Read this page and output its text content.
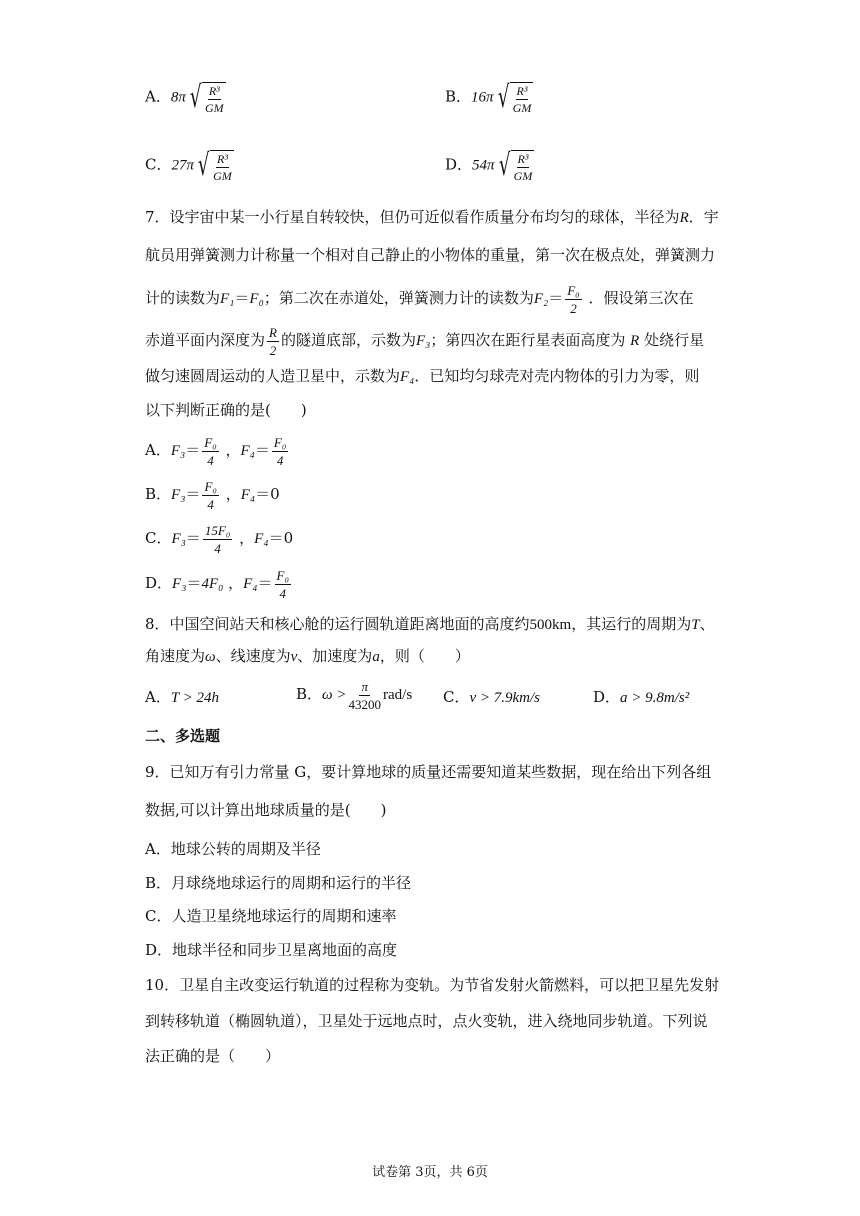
A．8π √ $\frac{\text{R³}}{GM}$	B．16π √ $\frac{\text{R³}}{GM}$
C．27π √ $\frac{\text{R³}}{GM}$	D．54π √ $\frac{\text{R³}}{GM}$
7．设宇宙中某一小行星自转较快，但仍可近似看作质量分布均匀的球体，半径为R．宇
航员用弹簧测力计称量一个相对自己静止的小物体的重量，第一次在极点处，弹簧测力
计的读数为F₁＝F₀；第二次在赤道处，弹簧测力计的读数为$F_2= \frac{\text{F₀}}{2}$ ．假设第三次在
赤道平面内深度为 $\frac{R}{2}$ 的隧道底部，示数为F₃；第四次在距行星表面高度为 R 处绕行星
做匀速圆周运动的人造卫星中，示数为F₄．已知均匀球壳对壳内物体的引力为零，则
以下判断正确的是(　　)
A．$F_3= \frac{\text{F₀}}{4}$ ，$F_4= \frac{\text{F₀}}{4}$
B．$F_3= \frac{\text{F₀}}{4}$ ，F₄＝0
C．$F_3= \frac{\text{15F₀}}{4}$ ，F₄＝0
D．F₃＝4F₀ ，$F_4= \frac{\text{F₀}}{4}$
8．中国空间站天和核心舱的运行圆轨道距离地面的高度约500km，其运行的周期为T、
角速度为ω、线速度为v、加速度为a，则（　　）
A．T > 24h	B．$\omega > \frac{\pi}{43200} rad/s$ C．v > 7.9km/s	D．a > 9.8m/s²
二、多选题
9．已知万有引力常量 G，要计算地球的质量还需要知道某些数据，现在给出下列各组
数据,可以计算出地球质量的是(　　)
A．地球公转的周期及半径
B．月球绕地球运行的周期和运行的半径
C．人造卫星绕地球运行的周期和速率
D．地球半径和同步卫星离地面的高度
10．卫星自主改变运行轨道的过程称为变轨。为节省发射火箭燃料，可以把卫星先发射
到转移轨道（椭圆轨道），卫星处于远地点时，点火变轨，进入绕地同步轨道。下列说
法正确的是（　　）
试卷第 3页，共 6页
